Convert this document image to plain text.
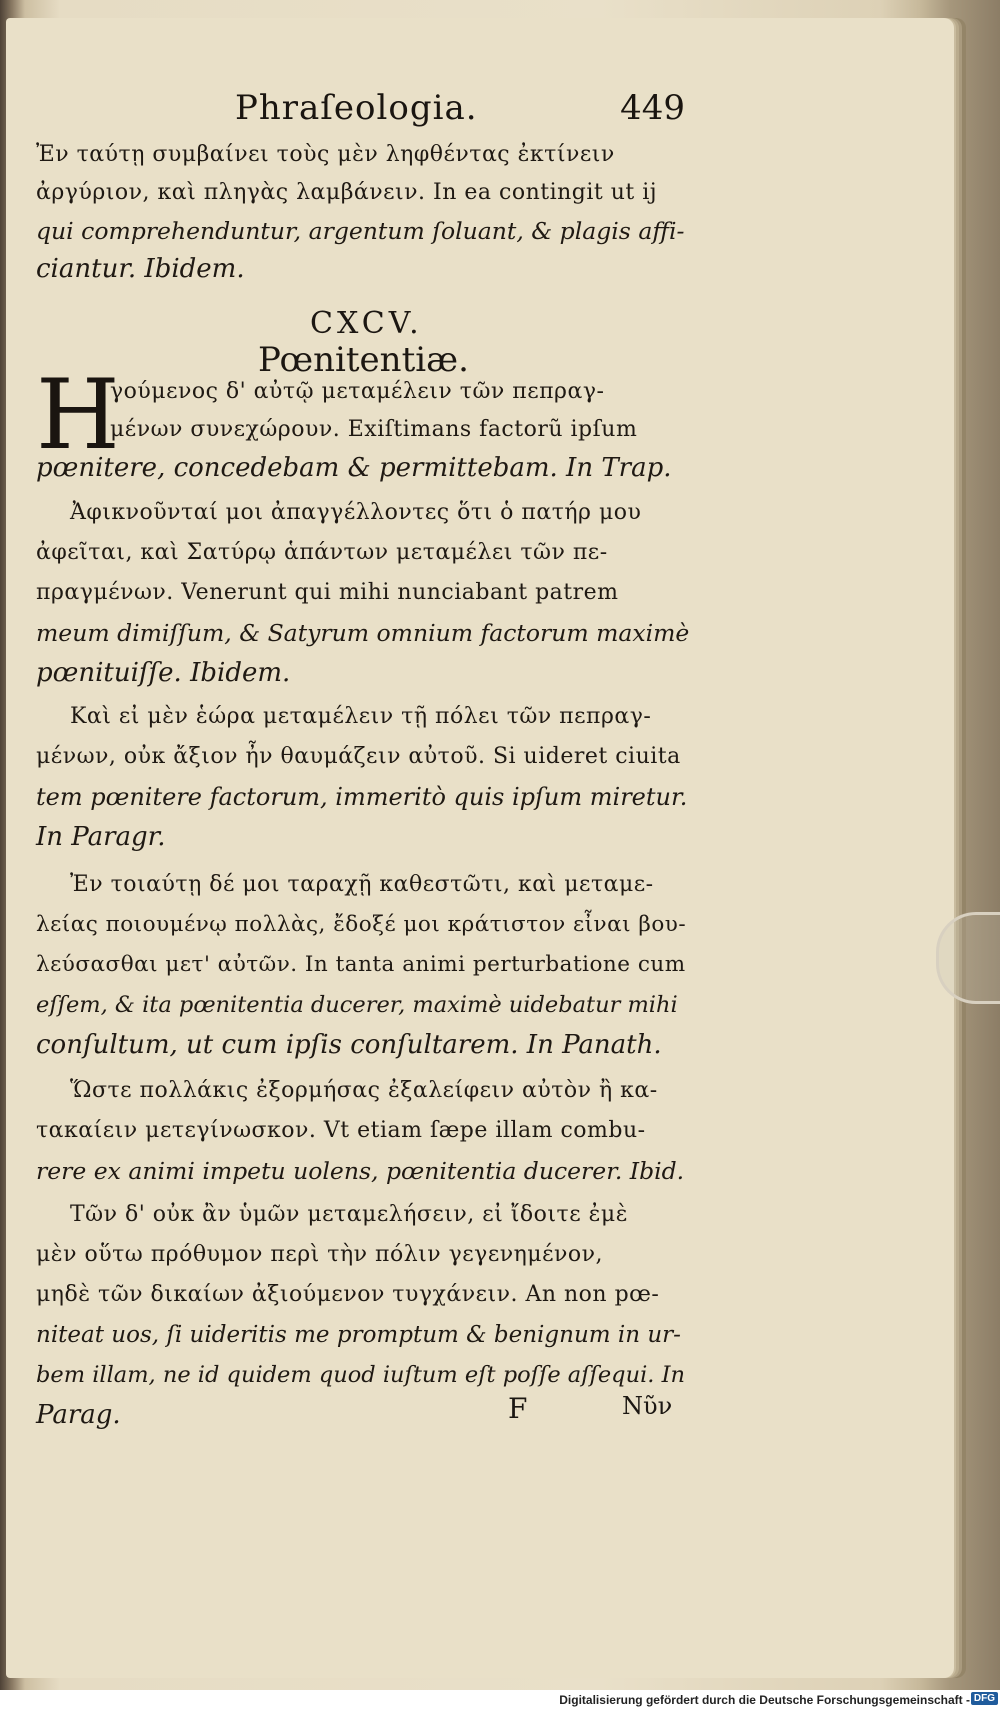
Phraſeologia.	449
Ἐν ταύτῃ συμβαίνει τοὺς μὲν ληφθέντας ἐκτίνειν
ἀργύριον, καὶ πληγὰς λαμβάνειν. In ea contingit ut ij
qui comprehenduntur, argentum ſoluant, & plagis affi-
ciantur. Ibidem.
CXCV.
Pœnitentiæ.
H
γούμενος δ' αὐτῷ μεταμέλειν τῶν πεπραγ-
μένων συνεχώρουν. Exiſtimans factorũ ipſum
pœnitere, concedebam & permittebam. In Trap.
Ἀφικνοῦνταί μοι ἀπαγγέλλοντες ὅτι ὁ πατήρ μου
ἀφεῖται, καὶ Σατύρῳ ἁπάντων μεταμέλει τῶν πε-
πραγμένων. Venerunt qui mihi nunciabant patrem
meum dimiſſum, & Satyrum omnium factorum maximè
pœnituiſſe. Ibidem.
Καὶ εἰ μὲν ἑώρα μεταμέλειν τῇ πόλει τῶν πεπραγ-
μένων, οὐκ ἄξιον ἦν θαυμάζειν αὐτοῦ. Si uideret ciuita
tem pœnitere factorum, immeritò quis ipſum miretur.
In Paragr.
Ἐν τοιαύτῃ δέ μοι ταραχῇ καθεστῶτι, καὶ μεταμε-
λείας ποιουμένῳ πολλὰς, ἔδοξέ μοι κράτιστον εἶναι βου-
λεύσασθαι μετ' αὐτῶν. In tanta animi perturbatione cum
eſſem, & ita pœnitentia ducerer, maximè uidebatur mihi
conſultum, ut cum ipſis conſultarem. In Panath.
Ὥστε πολλάκις ἐξορμήσας ἐξαλείφειν αὐτὸν ἢ κα-
τακαίειν μετεγίνωσκον. Vt etiam ſæpe illam combu-
rere ex animi impetu uolens, pœnitentia ducerer. Ibid.
Τῶν δ' οὐκ ἂν ὑμῶν μεταμελήσειν, εἰ ἴδοιτε ἐμὲ
μὲν οὕτω πρόθυμον περὶ τὴν πόλιν γεγενημένον,
μηδὲ τῶν δικαίων ἀξιούμενον τυγχάνειν. An non pœ-
niteat uos, ſi uideritis me promptum & benignum in ur-
bem illam, ne id quidem quod iuſtum eſt poſſe aſſequi. In
Parag.	F	Νῦν
Digitalisierung gefördert durch die Deutsche Forschungsgemeinschaft - DFG
